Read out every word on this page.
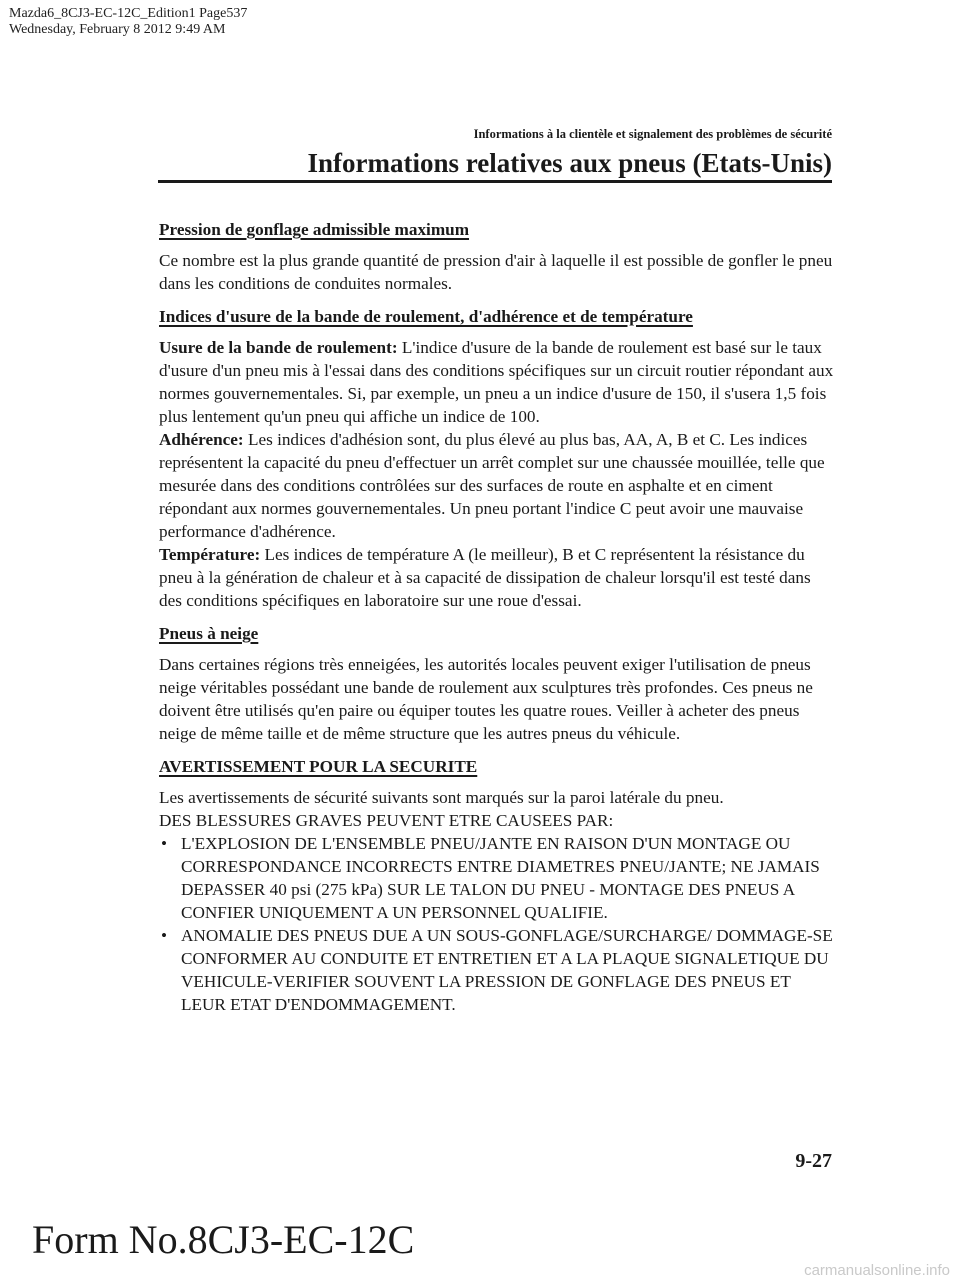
Mazda6_8CJ3-EC-12C_Edition1 Page537
Wednesday, February 8 2012 9:49 AM
Informations à la clientèle et signalement des problèmes de sécurité
Informations relatives aux pneus (Etats-Unis)
Pression de gonflage admissible maximum

Ce nombre est la plus grande quantité de pression d'air à laquelle il est possible de gonfler le pneu dans les conditions de conduites normales.

Indices d'usure de la bande de roulement, d'adhérence et de température

Usure de la bande de roulement: L'indice d'usure de la bande de roulement est basé sur le taux d'usure d'un pneu mis à l'essai dans des conditions spécifiques sur un circuit routier répondant aux normes gouvernementales. Si, par exemple, un pneu a un indice d'usure de 150, il s'usera 1,5 fois plus lentement qu'un pneu qui affiche un indice de 100.

Adhérence: Les indices d'adhésion sont, du plus élevé au plus bas, AA, A, B et C. Les indices représentent la capacité du pneu d'effectuer un arrêt complet sur une chaussée mouillée, telle que mesurée dans des conditions contrôlées sur des surfaces de route en asphalte et en ciment répondant aux normes gouvernementales. Un pneu portant l'indice C peut avoir une mauvaise performance d'adhérence.

Température: Les indices de température A (le meilleur), B et C représentent la résistance du pneu à la génération de chaleur et à sa capacité de dissipation de chaleur lorsqu'il est testé dans des conditions spécifiques en laboratoire sur une roue d'essai.

Pneus à neige

Dans certaines régions très enneigées, les autorités locales peuvent exiger l'utilisation de pneus neige véritables possédant une bande de roulement aux sculptures très profondes. Ces pneus ne doivent être utilisés qu'en paire ou équiper toutes les quatre roues. Veiller à acheter des pneus neige de même taille et de même structure que les autres pneus du véhicule.

AVERTISSEMENT POUR LA SECURITE

Les avertissements de sécurité suivants sont marqués sur la paroi latérale du pneu.

DES BLESSURES GRAVES PEUVENT ETRE CAUSEES PAR:

• L'EXPLOSION DE L'ENSEMBLE PNEU/JANTE EN RAISON D'UN MONTAGE OU CORRESPONDANCE INCORRECTS ENTRE DIAMETRES PNEU/JANTE; NE JAMAIS DEPASSER 40 psi (275 kPa) SUR LE TALON DU PNEU - MONTAGE DES PNEUS A CONFIER UNIQUEMENT A UN PERSONNEL QUALIFIE.
• ANOMALIE DES PNEUS DUE A UN SOUS-GONFLAGE/SURCHARGE/ DOMMAGE-SE CONFORMER AU CONDUITE ET ENTRETIEN ET A LA PLAQUE SIGNALETIQUE DU VEHICULE-VERIFIER SOUVENT LA PRESSION DE GONFLAGE DES PNEUS ET LEUR ETAT D'ENDOMMAGEMENT.
9-27
Form No.8CJ3-EC-12C
carmanualsonline.info
